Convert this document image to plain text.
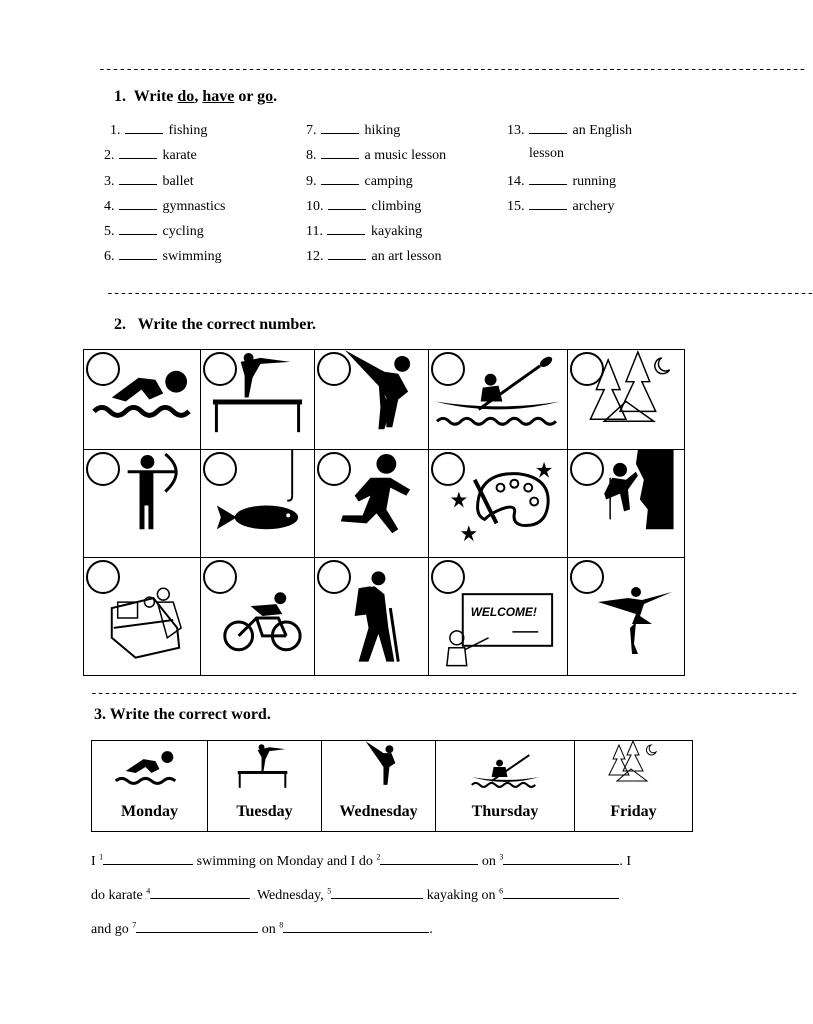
--------------------------------------------------------------------------------------------------------
1. Write do, have or go.
1.	fishing
2.	karate
3.	ballet
4.	gymnastics
5.	cycling
6.	swimming
7.	hiking
8.	a music lesson
9.	camping
10.	climbing
11.	kayaking
12.	an art lesson
13.	an English
lesson
14.	running
15.	archery
--------------------------------------------------------------------------------------------------------
2.   Write the correct number.
WELCOME!
--------------------------------------------------------------------------------------------------------
3. Write the correct word.
Monday	Tuesday	Wednesday	Thursday	Friday
I $^1$	swimming on Monday and I do $^2$	on $^3$	. I
do karate $^4$	Wednesday, $^5$	kayaking on $^6$
and go $^7$	on $^8$	.
